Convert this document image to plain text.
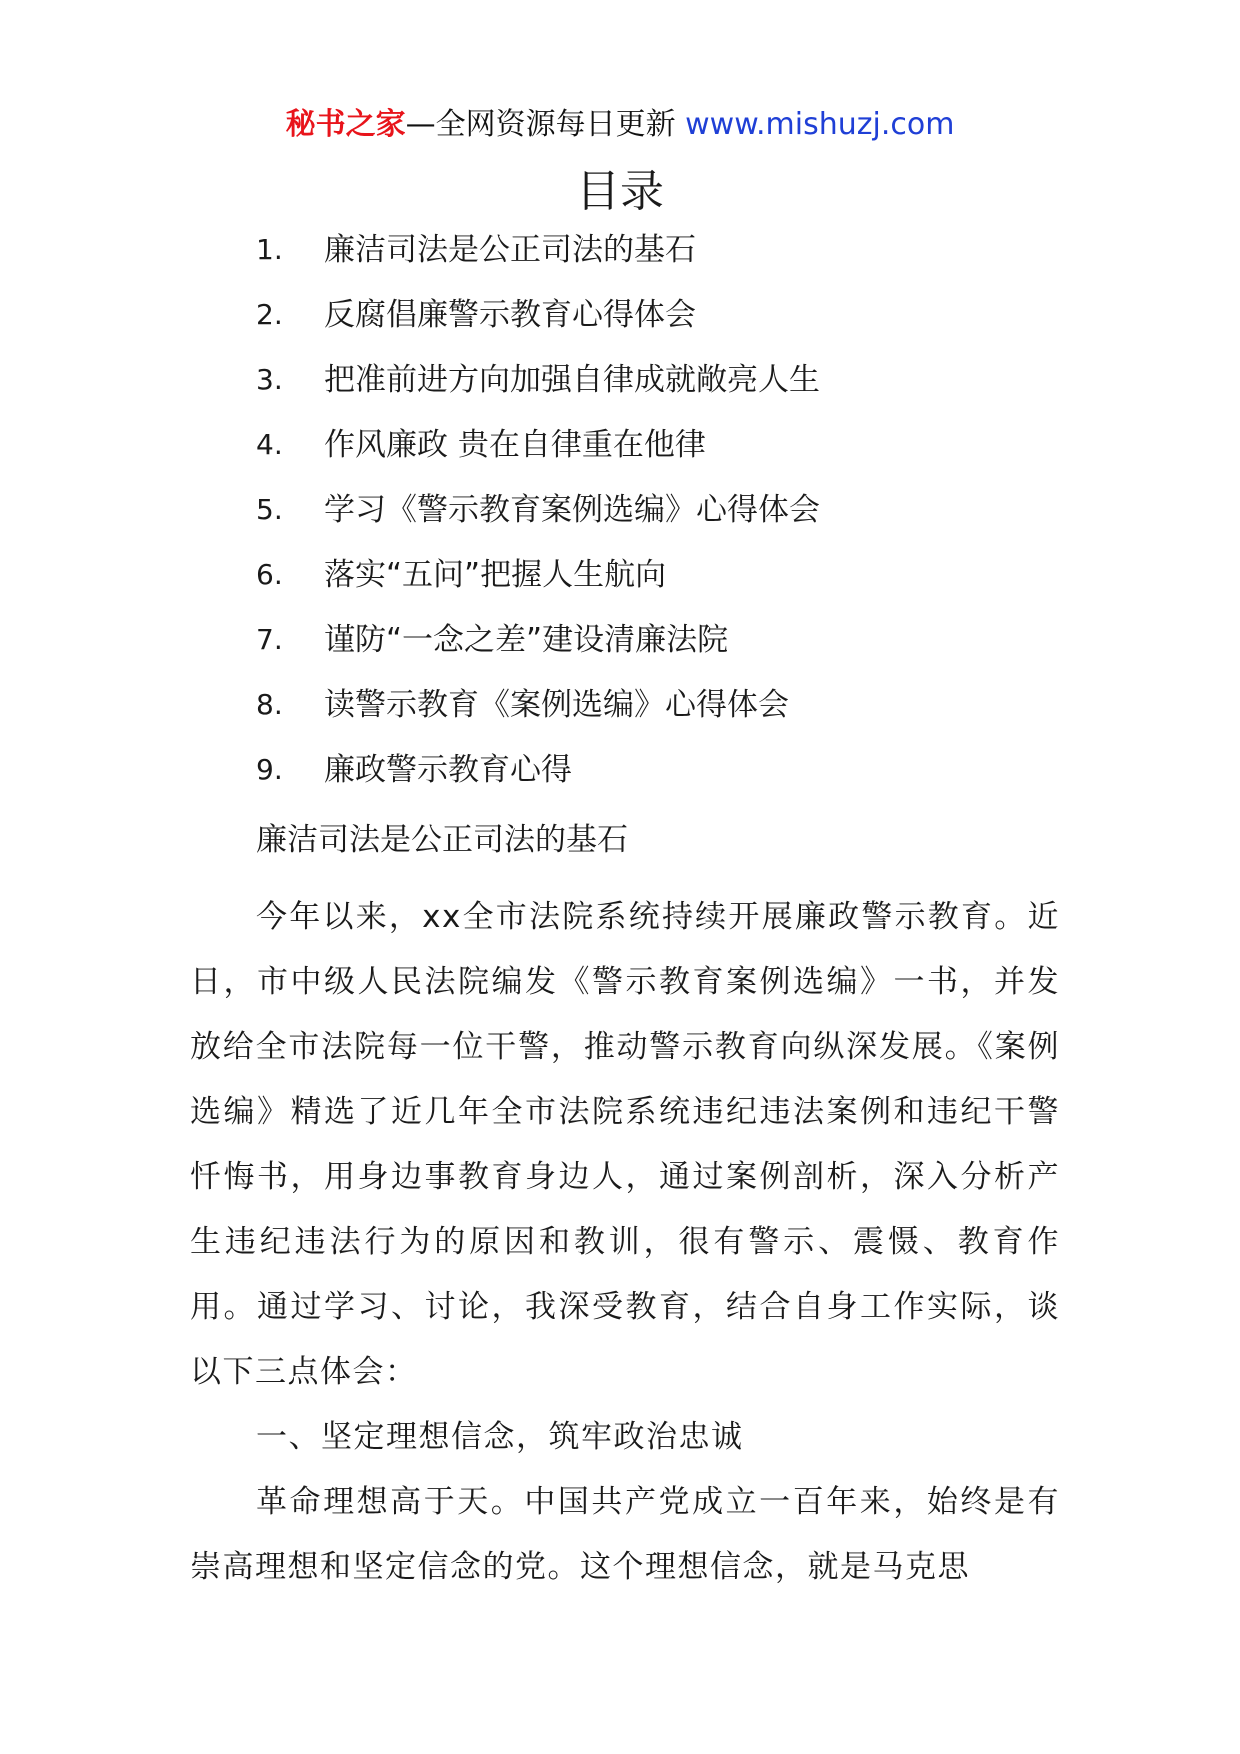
秘书之家—全网资源每日更新 www.mishuzj.com
目录
1.	廉洁司法是公正司法的基石
2.	反腐倡廉警示教育心得体会
3.	把准前进方向加强自律成就敞亮人生
4.	作风廉政 贵在自律重在他律
5.	学习《警示教育案例选编》心得体会
6.	落实“五问”把握人生航向
7.	谨防“一念之差”建设清廉法院
8.	读警示教育《案例选编》心得体会
9.	廉政警示教育心得
廉洁司法是公正司法的基石

今年以来，xx全市法院系统持续开展廉政警示教育。近日，市中级人民法院编发《警示教育案例选编》一书，并发放给全市法院每一位干警，推动警示教育向纵深发展。《案例选编》精选了近几年全市法院系统违纪违法案例和违纪干警忏悔书，用身边事教育身边人，通过案例剖析，深入分析产生违纪违法行为的原因和教训，很有警示、震慑、教育作用。通过学习、讨论，我深受教育，结合自身工作实际，谈以下三点体会：

一、坚定理想信念，筑牢政治忠诚

革命理想高于天。中国共产党成立一百年来，始终是有崇高理想和坚定信念的党。这个理想信念，就是马克思
